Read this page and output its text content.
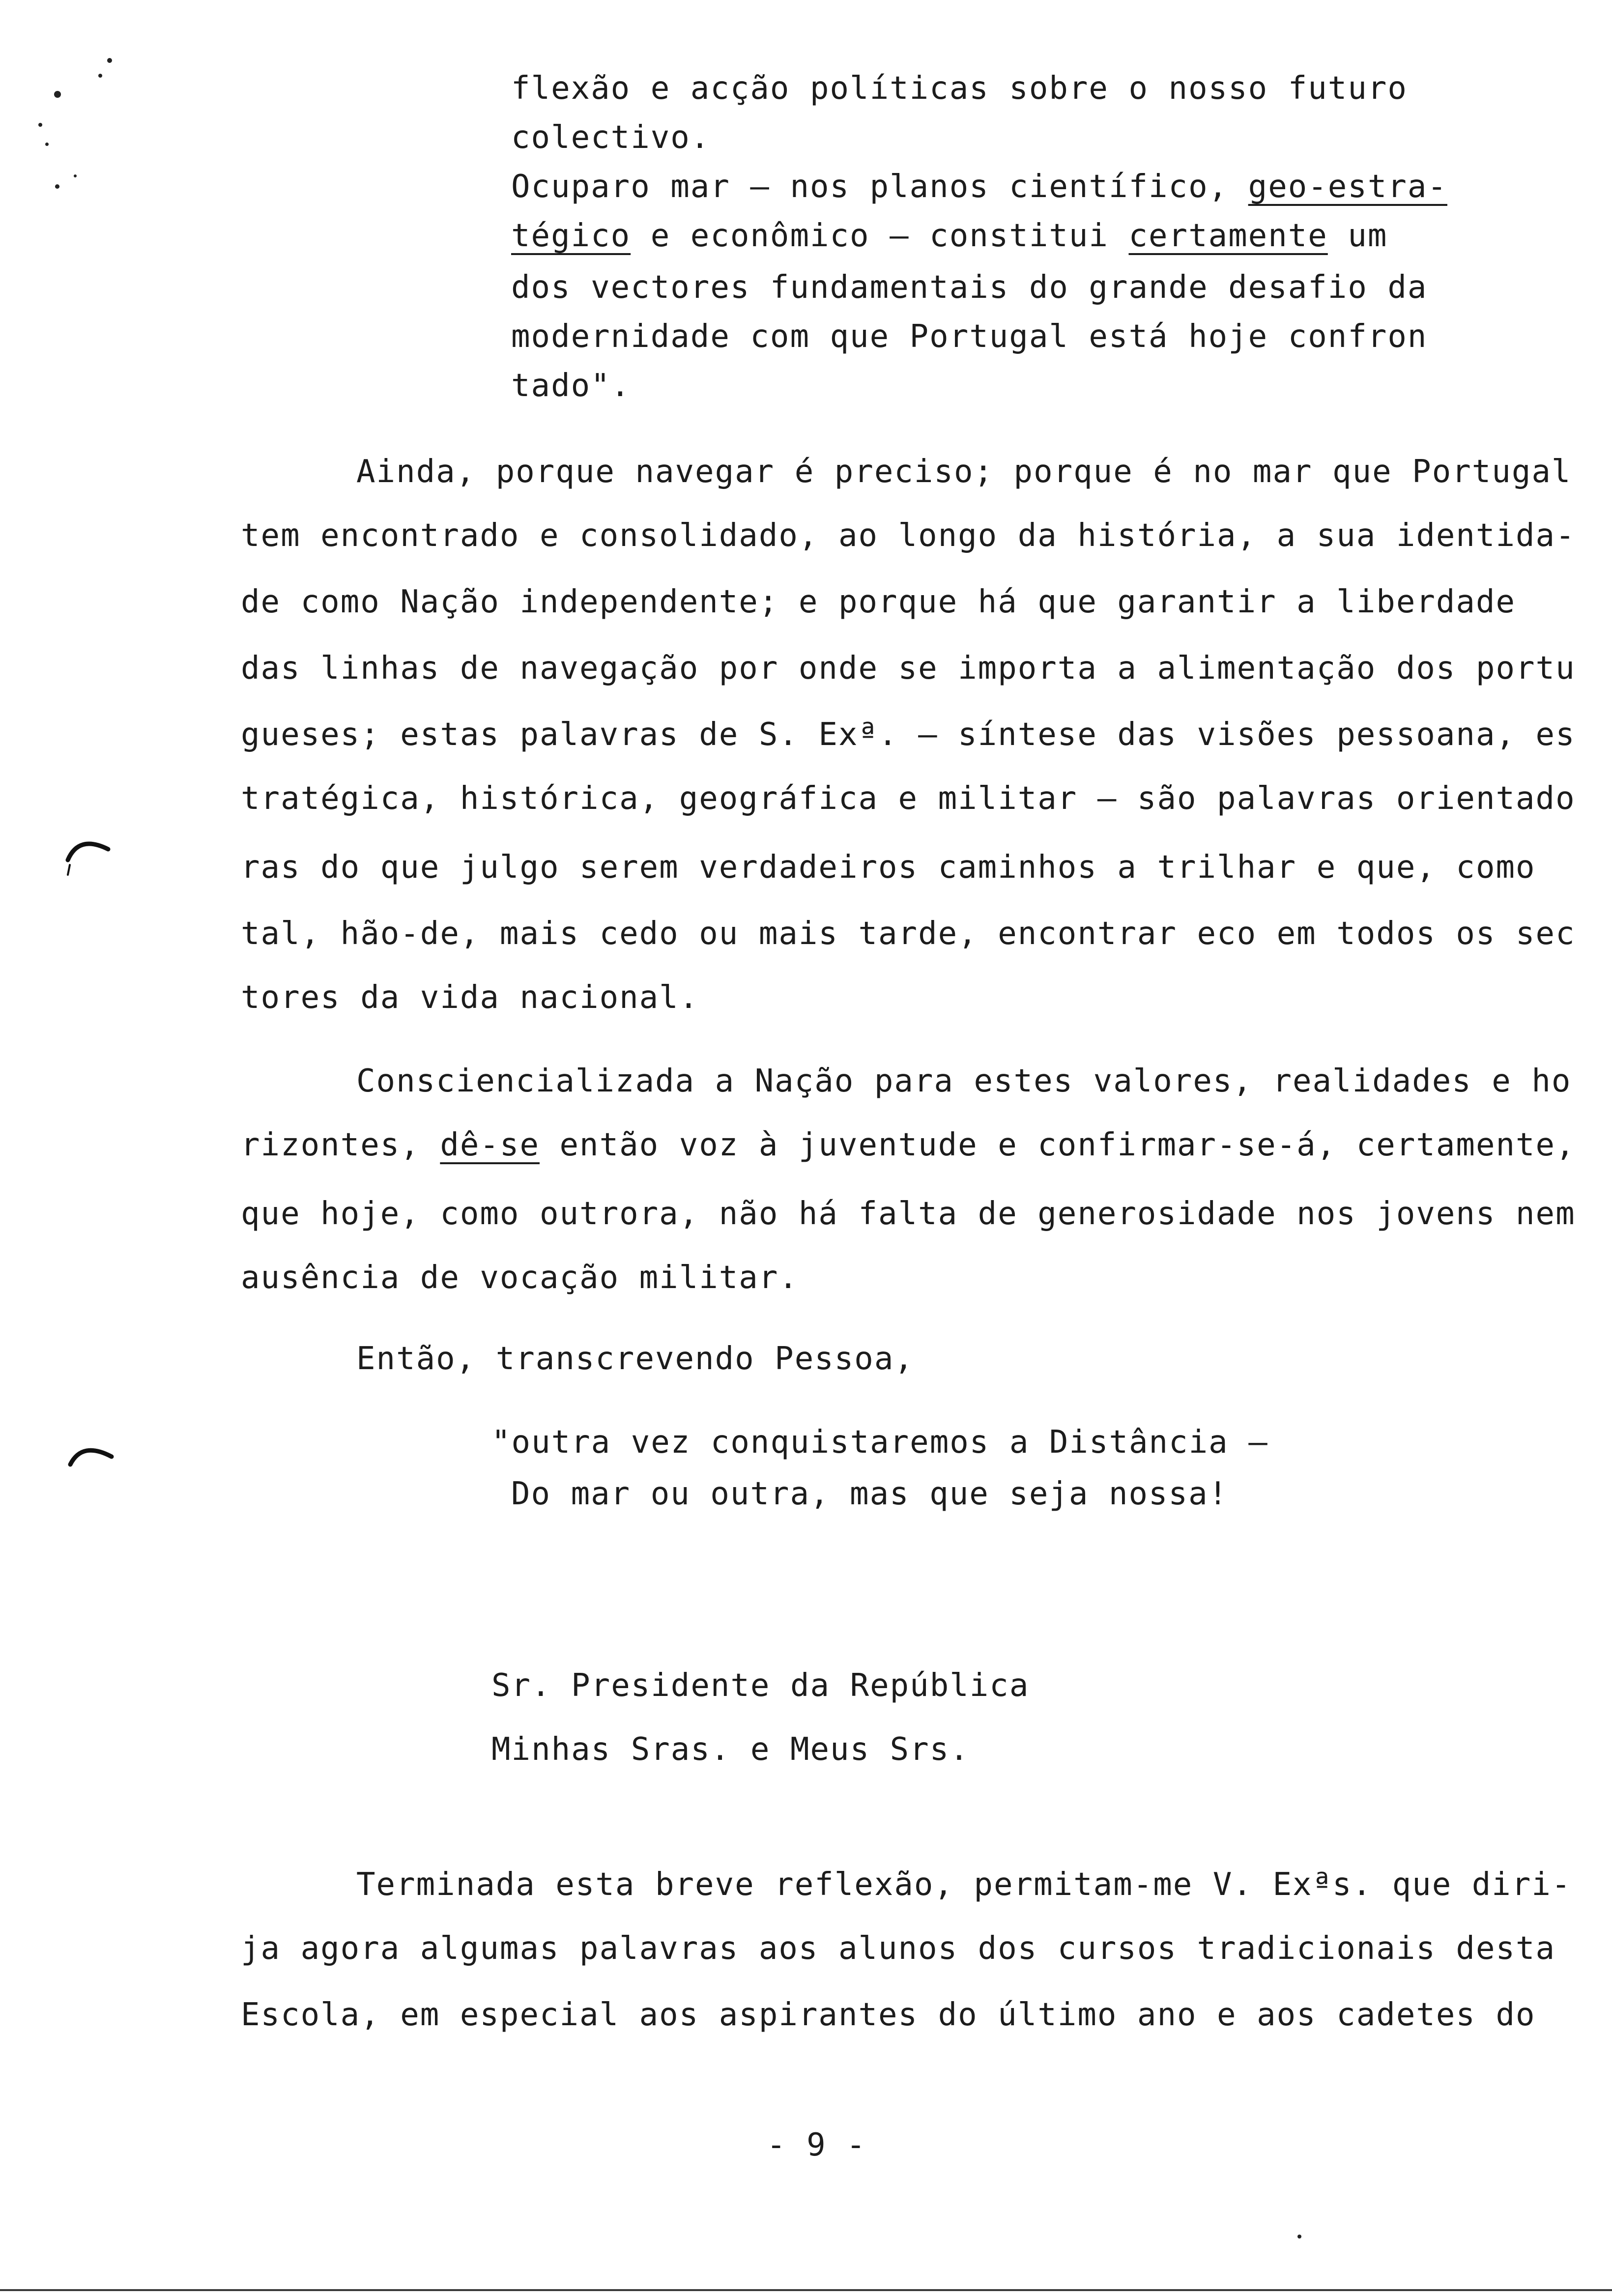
flexão e acção políticas sobre o nosso futuro
colectivo.
Ocuparo mar – nos planos científico, geo-estra-
tégico e econômico – constitui certamente um
dos vectores fundamentais do grande desafio da
modernidade com que Portugal está hoje confron
tado".
Ainda, porque navegar é preciso; porque é no mar que Portugal
tem encontrado e consolidado, ao longo da história, a sua identida-
de como Nação independente; e porque há que garantir a liberdade
das linhas de navegação por onde se importa a alimentação dos portu
gueses; estas palavras de S. Exª. – síntese das visões pessoana, es
tratégica, histórica, geográfica e militar – são palavras orientado
ras do que julgo serem verdadeiros caminhos a trilhar e que, como
tal, hão-de, mais cedo ou mais tarde, encontrar eco em todos os sec
tores da vida nacional.
Consciencializada a Nação para estes valores, realidades e ho
rizontes, dê-se então voz à juventude e confirmar-se-á, certamente,
que hoje, como outrora, não há falta de generosidade nos jovens nem
ausência de vocação militar.
Então, transcrevendo Pessoa,
"outra vez conquistaremos a Distância –
Do mar ou outra, mas que seja nossa!
Sr. Presidente da República
Minhas Sras. e Meus Srs.
Terminada esta breve reflexão, permitam-me V. Exªs. que diri-
ja agora algumas palavras aos alunos dos cursos tradicionais desta
Escola, em especial aos aspirantes do último ano e aos cadetes do
- 9 -
